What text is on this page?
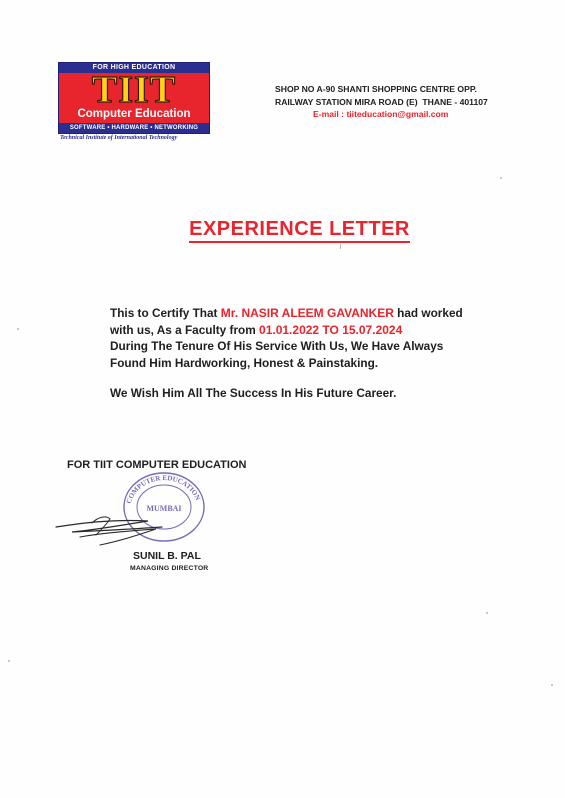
FOR HIGH EDUCATION
TIIT
Computer Education
SOFTWARE • HARDWARE • NETWORKING
Technical Institute of International Technology
SHOP NO A-90 SHANTI SHOPPING CENTRE OPP.
RAILWAY STATION MIRA ROAD (E)  THANE - 401107
E-mail : tiiteducation@gmail.com
EXPERIENCE LETTER

This to Certify That Mr. NASIR ALEEM GAVANKER had worked

with us, As a Faculty from 01.01.2022 TO 15.07.2024

During The Tenure Of His Service With Us, We Have Always

Found Him Hardworking, Honest & Painstaking.

We Wish Him All The Success In His Future Career.

FOR TIIT COMPUTER EDUCATION
COMPUTER EDUCATION
MUMBAI
SUNIL B. PAL
MANAGING DIRECTOR
